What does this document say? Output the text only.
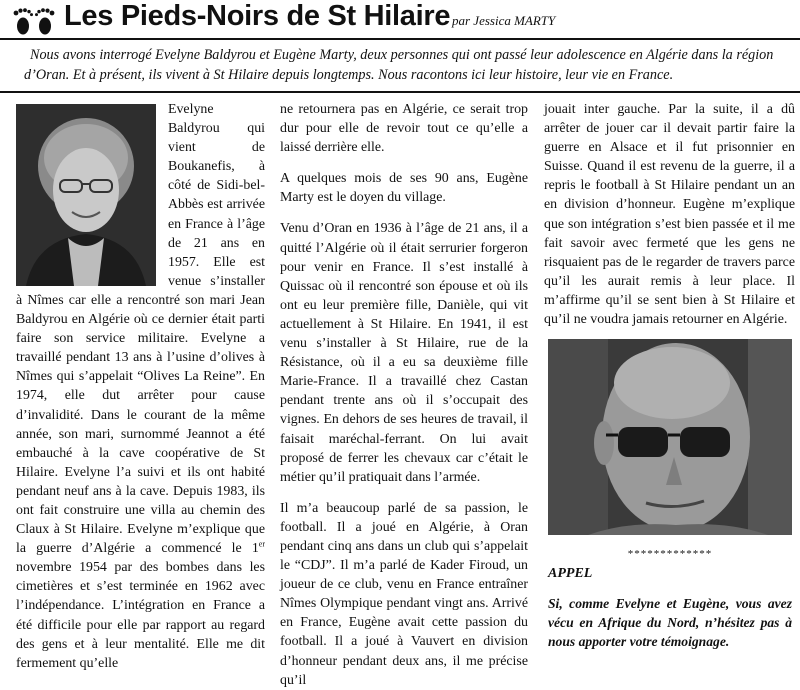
Les Pieds-Noirs de St Hilaire par Jessica MARTY
Nous avons interrogé Evelyne Baldyrou et Eugène Marty, deux personnes qui ont passé leur adolescence en Algérie dans la région d’Oran. Et à présent, ils vivent à St Hilaire depuis longtemps. Nous racontons ici leur histoire, leur vie en France.

Evelyne Baldyrou qui vient de Boukanefis, à côté de Sidi-bel-Abbès est arrivée en France à l’âge de 21 ans en 1957. Elle est venue s’installer à Nîmes car elle a rencontré son mari Jean Baldyrou en Algérie où ce dernier était parti faire son service militaire. Evelyne a travaillé pendant 13 ans à l’usine d’olives à Nîmes qui s’appelait “Olives La Reine”. En 1974, elle dut arrêter pour cause d’invalidité. Dans le courant de la même année, son mari, surnommé Jeannot a été embauché à la cave coopérative de St Hilaire. Evelyne l’a suivi et ils ont habité pendant neuf ans à la cave. Depuis 1983, ils ont fait construire une villa au chemin des Claux à St Hilaire. Evelyne m’explique que la guerre d’Algérie a commencé le 1er novembre 1954 par des bombes dans les cimetières et s’est terminée en 1962 avec l’indépendance. L’intégration en France a été difficile pour elle par rapport au regard des gens et à leur mentalité. Elle me dit fermement qu’elle

ne retournera pas en Algérie, ce serait trop dur pour elle de revoir tout ce qu’elle a laissé derrière elle.

A quelques mois de ses 90 ans, Eugène Marty est le doyen du village.

Venu d’Oran en 1936 à l’âge de 21 ans, il a quitté l’Algérie où il était serrurier forgeron pour venir en France. Il s’est installé à Quissac où il rencontré son épouse et où ils ont eu leur première fille, Danièle, qui vit actuellement à St Hilaire. En 1941, il est venu s’installer à St Hilaire, rue de la Résistance, où il a eu sa deuxième fille Marie-France. Il a travaillé chez Castan pendant trente ans où il s’occupait des vignes. En dehors de ses heures de travail, il faisait maréchal-ferrant. On lui avait proposé de ferrer les chevaux car c’était le métier qu’il pratiquait dans l’armée.

Il m’a beaucoup parlé de sa passion, le football. Il a joué en Algérie, à Oran pendant cinq ans dans un club qui s’appelait le “CDJ”. Il m’a parlé de Kader Firoud, un joueur de ce club, venu en France entraîner Nîmes Olympique pendant vingt ans. Arrivé en France, Eugène avait cette passion du football. Il a joué à Vauvert en division d’honneur pendant deux ans, il me précise qu’il

jouait inter gauche. Par la suite, il a dû arrêter de jouer car il devait partir faire la guerre en Alsace et il fut prisonnier en Suisse. Quand il est revenu de la guerre, il a repris le football à St Hilaire pendant un an en division d’honneur. Eugène m’explique que son intégration s’est bien passée et il me fait savoir avec fermeté que les gens ne risquaient pas de le regarder de travers parce qu’il les aurait remis à leur place. Il m’affirme qu’il se sent bien à St Hilaire et qu’il ne voudra jamais retourner en Algérie.

*************
APPEL
Si, comme Evelyne et Eugène, vous avez vécu en Afrique du Nord, n’hésitez pas à nous apporter votre témoignage.
